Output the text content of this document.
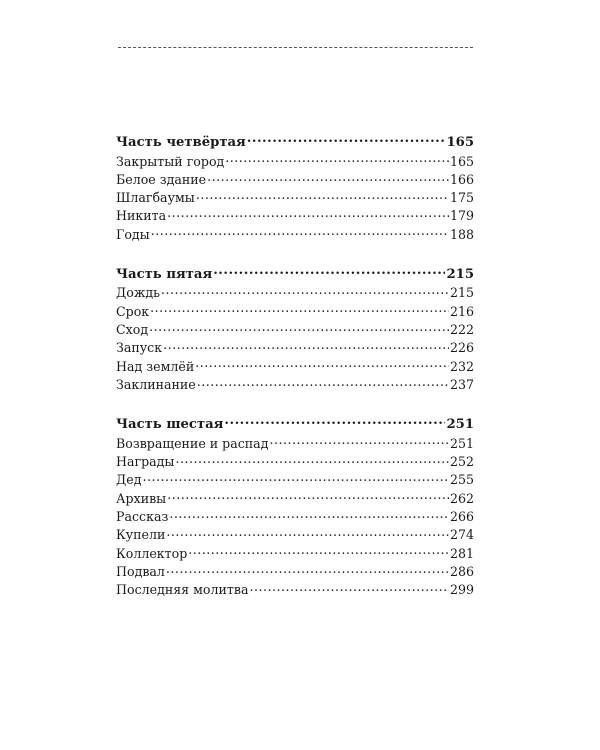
Часть четвёртая .....	165
Закрытый город .....	165
Белое здание .....	166
Шлагбаумы .....	175
Никита .....	179
Годы .....	188
Часть пятая .....	215
Дождь .....	215
Срок .....	216
Сход .....	222
Запуск .....	226
Над землёй .....	232
Заклинание .....	237
Часть шестая .....	251
Возвращение и распад .....	251
Награды .....	252
Дед .....	255
Архивы .....	262
Рассказ .....	266
Купели .....	274
Коллектор .....	281
Подвал .....	286
Последняя молитва .....	299
